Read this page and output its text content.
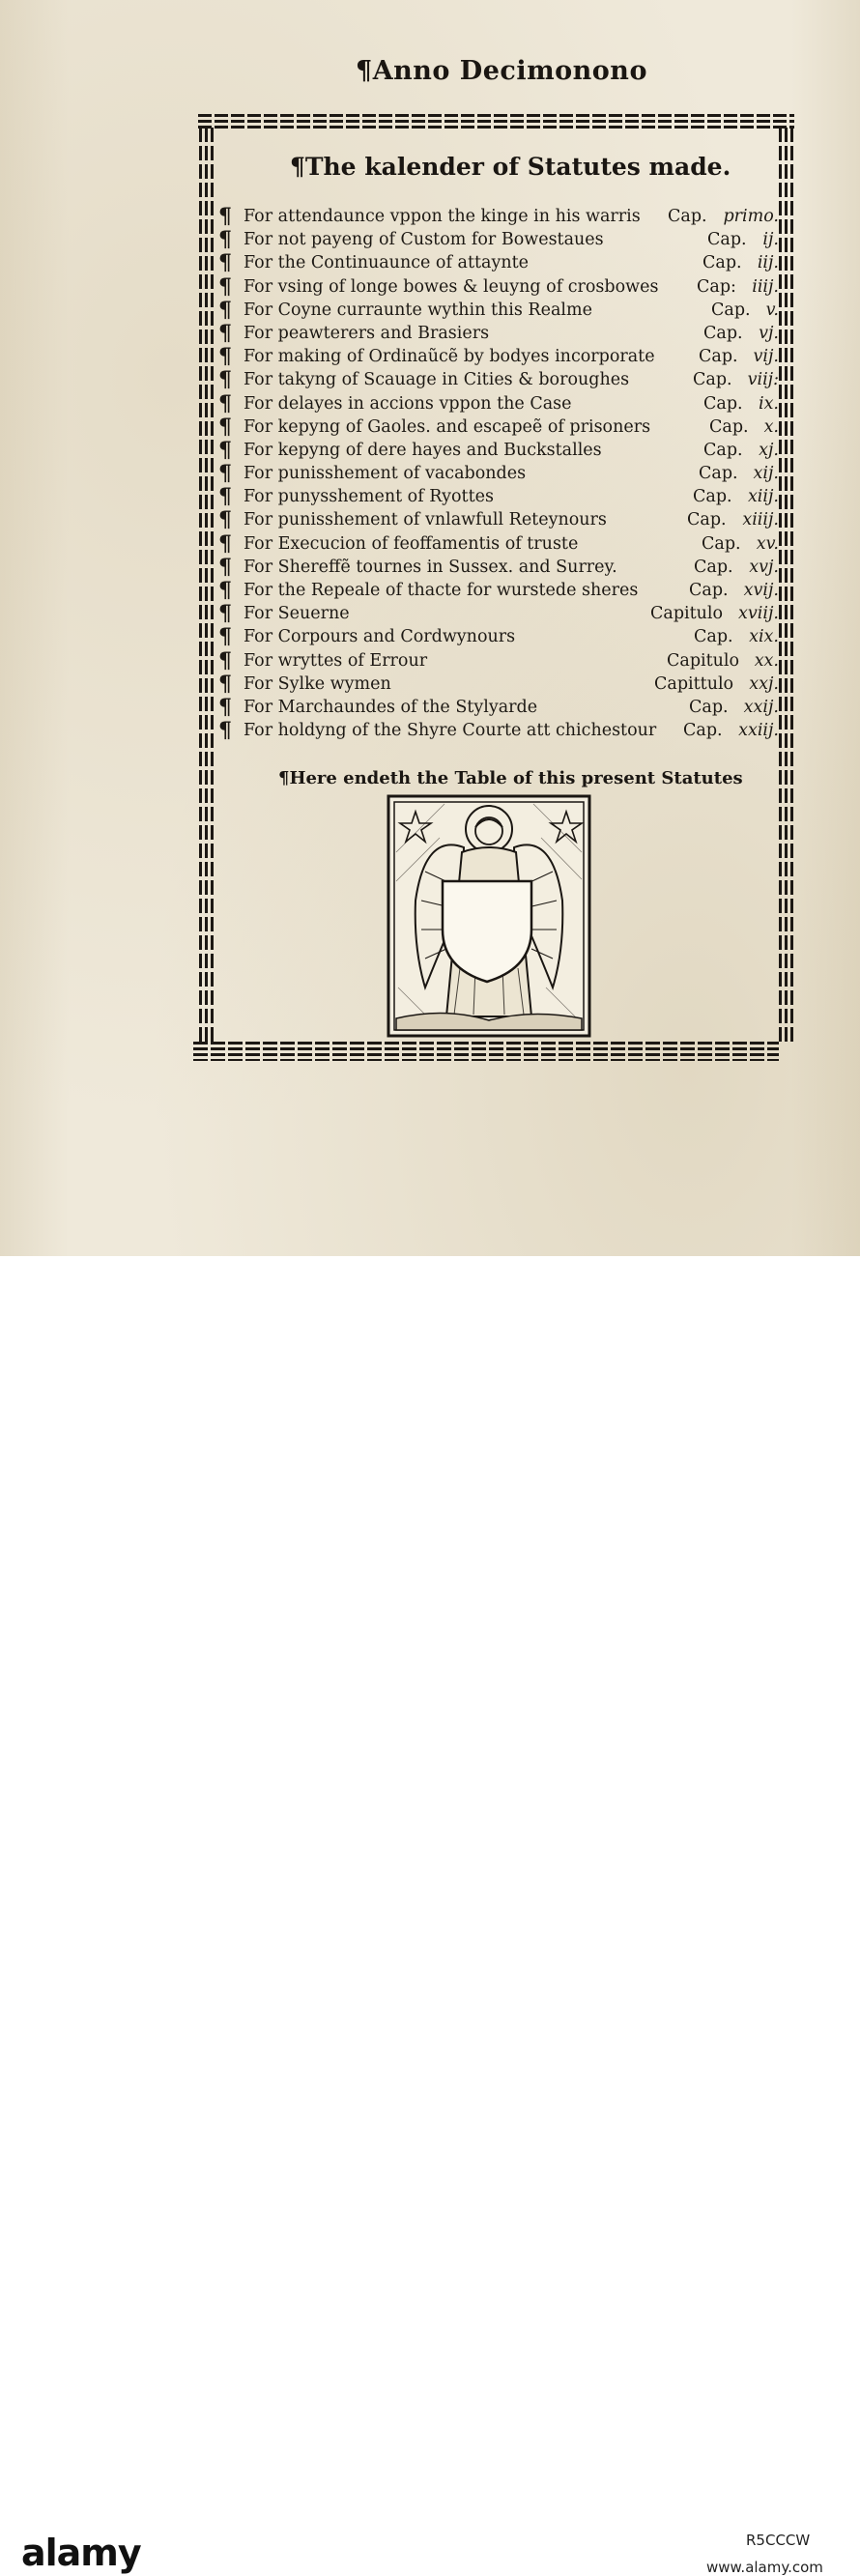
¶Anno Decimonono
¶The kalender of Statutes made.
¶ For attendaunce vppon the kinge in his warris Cap. primo.
¶ For not payeng of Custom for Bowestaues	Cap. ij.
¶ For the Continuaunce of attaynte	Cap. iij.
¶ For vsing of longe bowes & leuyng of crosbowes Cap: iiij.
¶ For Coyne curraunte wythin this Realme	Cap. v.
¶ For peawterers and Brasiers	Cap. vj.
¶ For making of Ordinaũcẽ by bodyes incorporate	Cap. vij.
¶ For takyng of Scauage in Cities & boroughes	Cap. viij:
¶ For delayes in accions vppon the Case	Cap. ix.
¶ For kepyng of Gaoles. and escapeẽ of prisoners	Cap. x.
¶ For kepyng of dere hayes and Buckstalles	Cap. xj.
¶ For punisshement of vacabondes	Cap. xij.
¶ For punysshement of Ryottes	Cap. xiij.
¶ For punisshement of vnlawfull Reteynours	Cap. xiiij.
¶ For Execucion of feoffamentis of truste	Cap. xv.
¶ For Shereffẽ tournes in Sussex. and Surrey.	Cap. xvj.
¶ For the Repeale of thacte for wurstede sheres	Cap. xvij.
¶ For Seuerne	Capitulo xviij.
¶ For Corpours and Cordwynours	Cap. xix.
¶ For wryttes of Errour	Capitulo xx.
¶ For Sylke wymen	Capittulo xxj.
¶ For Marchaundes of the Stylyarde	Cap. xxij.
¶ For holdyng of the Shyre Courte att chichestour Cap. xxiij.
¶Here endeth the Table of this present Statutes
alamy	R5CCCW
www.alamy.com
